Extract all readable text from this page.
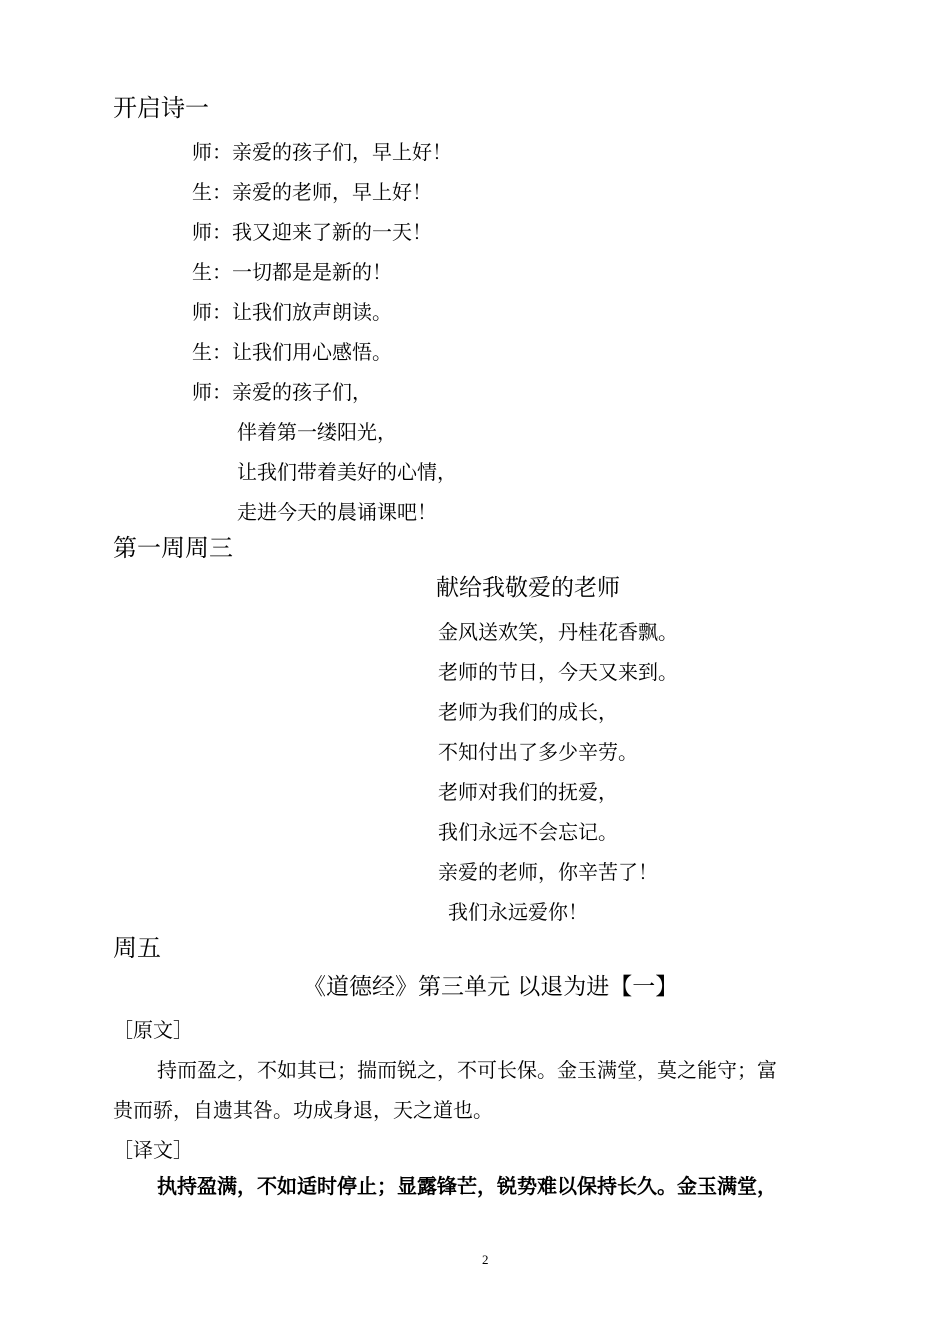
开启诗一
师：亲爱的孩子们，早上好！
生：亲爱的老师，早上好！
师：我又迎来了新的一天！
生：一切都是是新的！
师：让我们放声朗读。
生：让我们用心感悟。
师：亲爱的孩子们，
伴着第一缕阳光，
让我们带着美好的心情，
走进今天的晨诵课吧！
第一周周三
献给我敬爱的老师
金风送欢笑，丹桂花香飘。
老师的节日，今天又来到。
老师为我们的成长，
不知付出了多少辛劳。
老师对我们的抚爱，
我们永远不会忘记。
亲爱的老师，你辛苦了！
我们永远爱你！
周五
《道德经》第三单元 以退为进【一】
［原文］
持而盈之，不如其已；揣而锐之，不可长保。金玉满堂，莫之能守；富
贵而骄，自遗其咎。功成身退，天之道也。
［译文］
执持盈满，不如适时停止；显露锋芒，锐势难以保持长久。金玉满堂，
2
